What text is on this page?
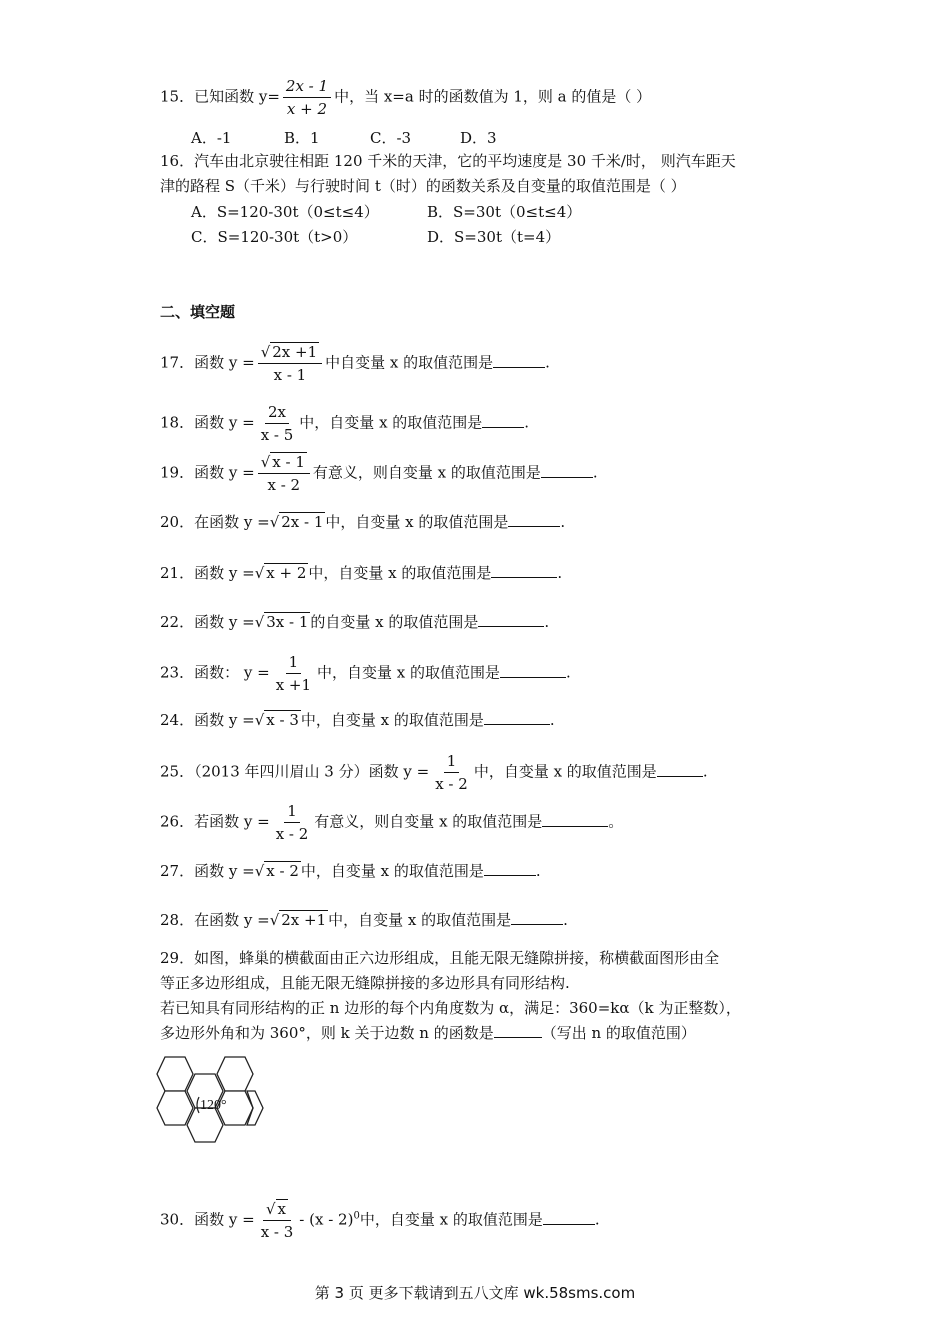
15．已知函数 $y= \frac{2x - 1}{x + 2}$ 中，当 x=a 时的函数值为 1，则 a 的值是（ ）
A．-1	B．1	C．-3	D．3
16．汽车由北京驶往相距 120 千米的天津，它的平均速度是 30 千米/时， 则汽车距天
津的路程 S（千米）与行驶时间 t（时）的函数关系及自变量的取值范围是（ ）
A．S=120-30t（0≤t≤4）	B．S=30t（0≤t≤4）
C．S=120-30t（t>0）	D．S=30t（t=4）
二、填空题
17．函数 $y = \frac{√ 2x +1}{x - 1}$ 中自变量 x 的取值范围是	.
18．函数 $y = \frac{2x}{x - 5}$ 中，自变量 x 的取值范围是	.
19．函数 $y = \frac{√ x - 1}{x - 2}$ 有意义，则自变量 x 的取值范围是	.
20．在函数 y =√ 2x - 1 中，自变量 x 的取值范围是	.
21．函数 y =√ x + 2 中，自变量 x 的取值范围是	.
22．函数 y =√ 3x - 1 的自变量 x 的取值范围是	.
23．函数： $y = \frac{1}{x +1}$ 中，自变量 x 的取值范围是	.
24．函数 y =√ x - 3 中，自变量 x 的取值范围是	.
25．（2013 年四川眉山 3 分）函数 $y = \frac{1}{x - 2}$ 中，自变量 x 的取值范围是	.
26．若函数 $y = \frac{1}{x - 2}$ 有意义，则自变量 x 的取值范围是	。
27．函数 y =√ x - 2 中，自变量 x 的取值范围是	.
28．在函数 y =√ 2x +1 中，自变量 x 的取值范围是	.
29．如图，蜂巢的横截面由正六边形组成，且能无限无缝隙拼接，称横截面图形由全
等正多边形组成，且能无限无缝隙拼接的多边形具有同形结构.
若已知具有同形结构的正 n 边形的每个内角度数为 α，满足：360=kα（k 为正整数），
多边形外角和为 360°，则 k 关于边数 n 的函数是	（写出 n 的取值范围）
120°
30．函数 $y = \frac{√ x}{x - 3} - (x - 2)^0$中，自变量 x 的取值范围是	.
第 3 页 更多下载请到五八文库 wk.58sms.com
